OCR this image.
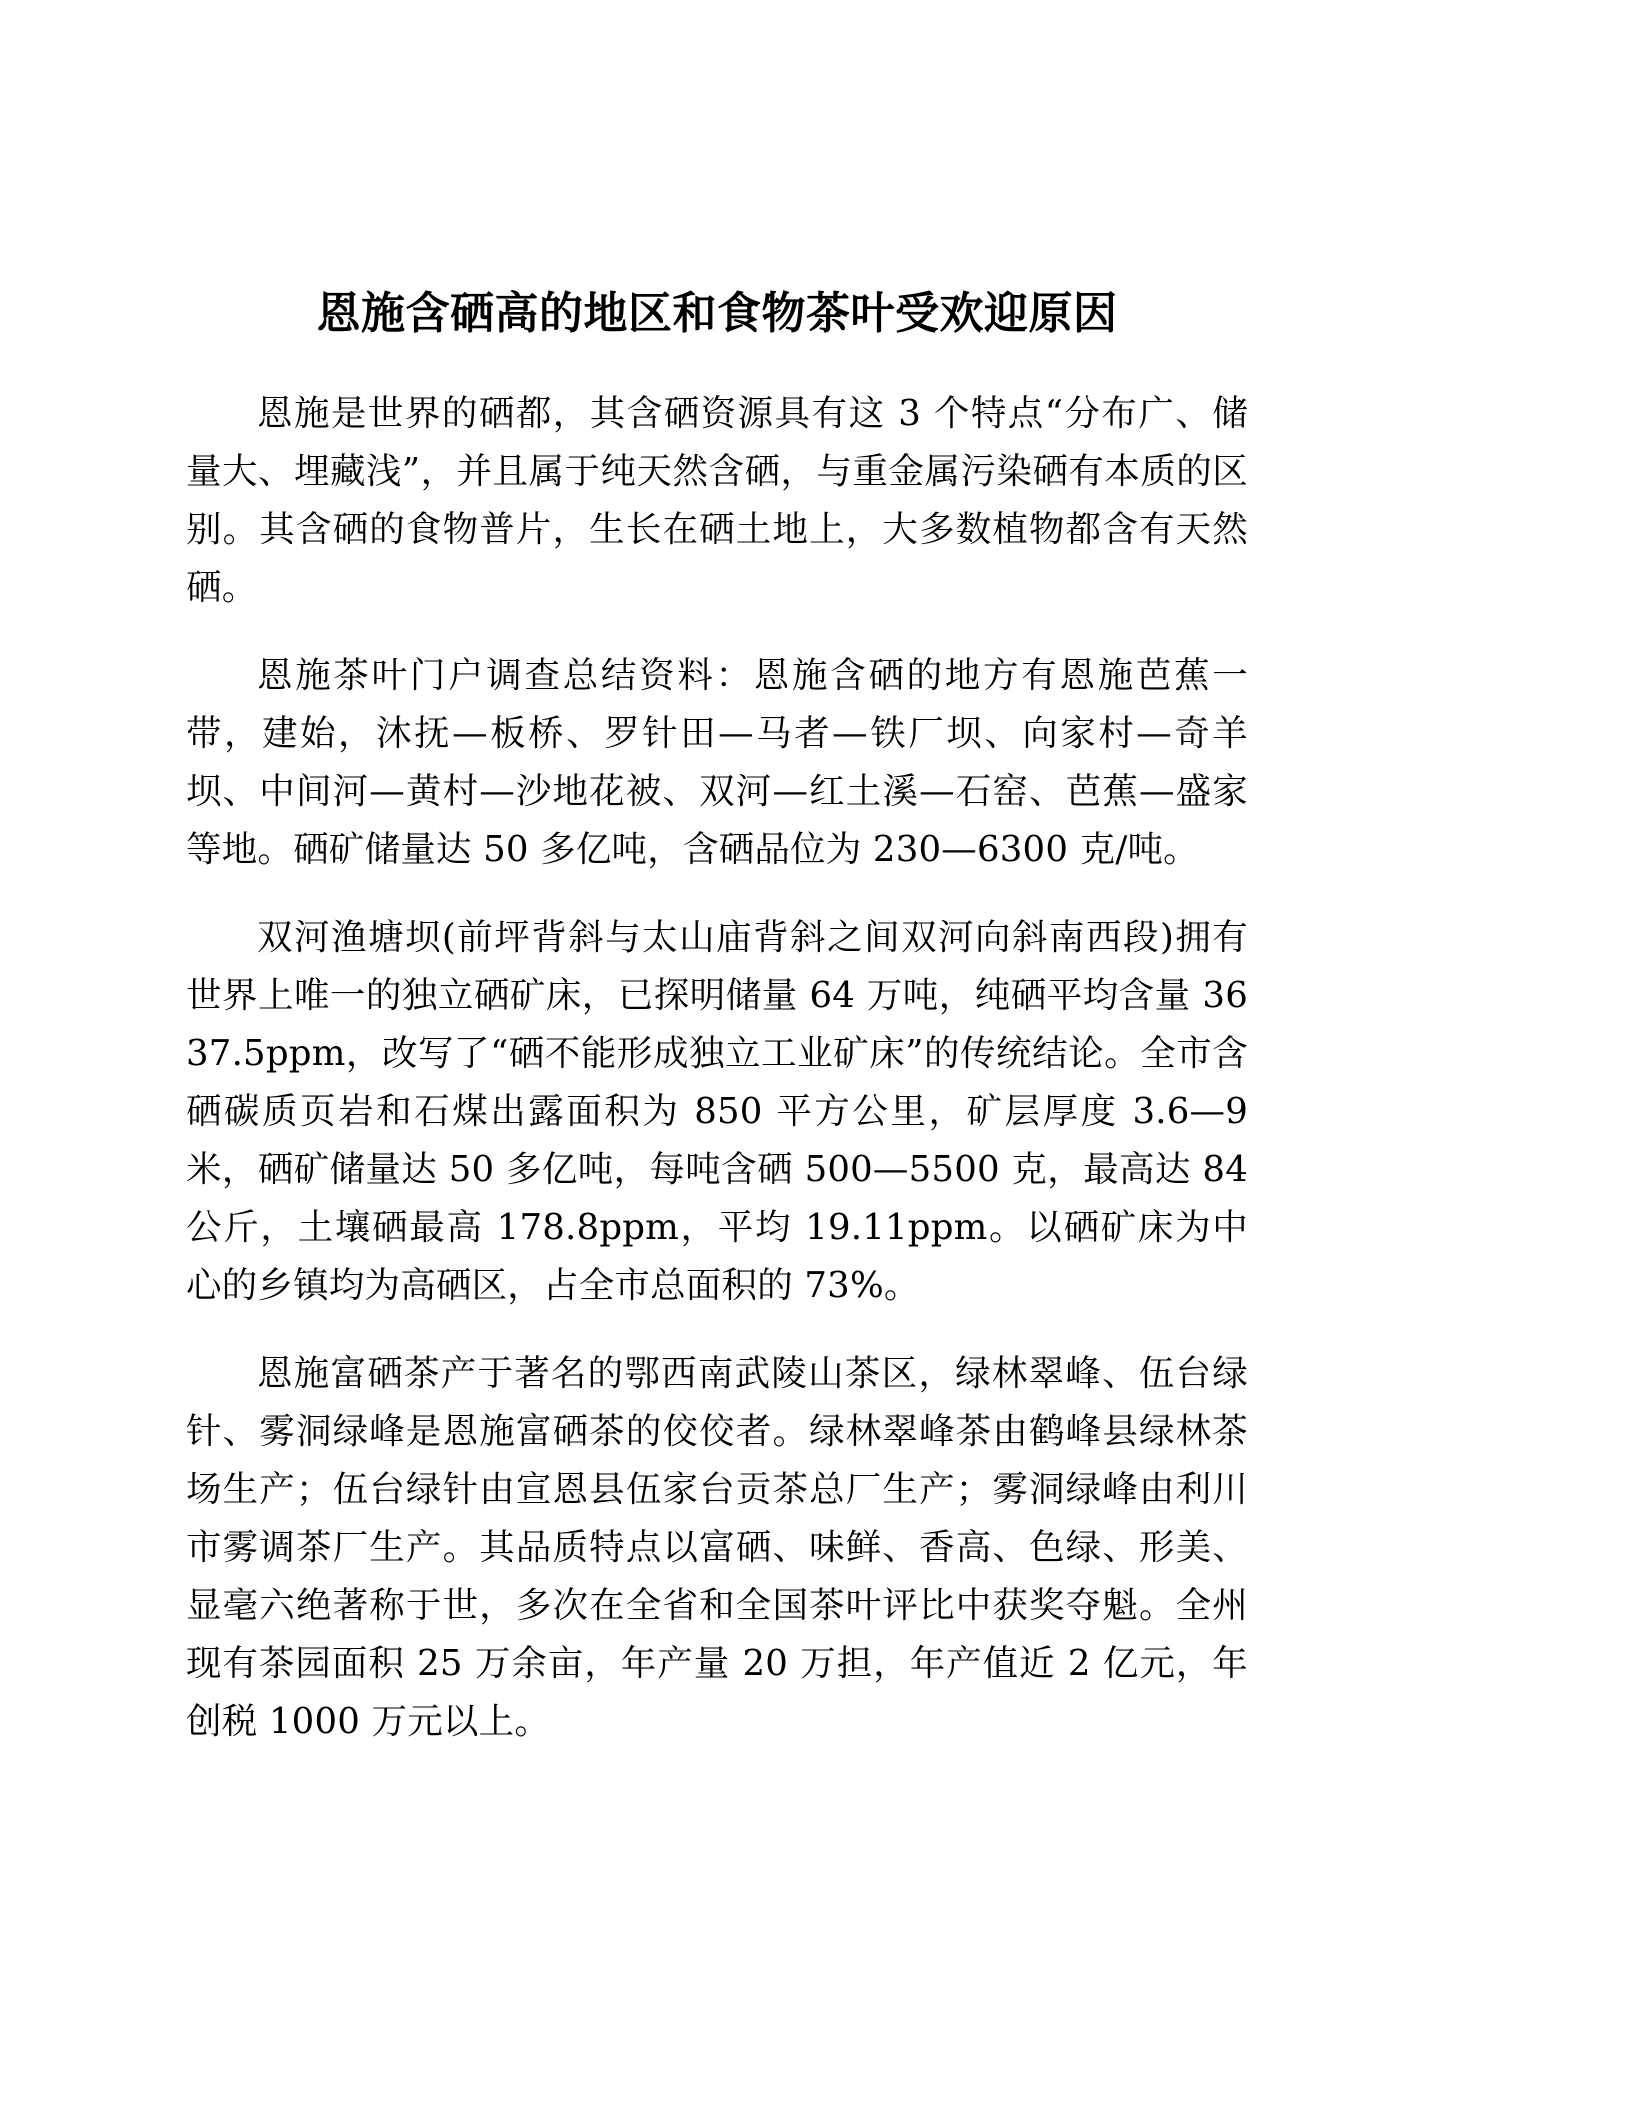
恩施含硒高的地区和食物茶叶受欢迎原因

恩施是世界的硒都，其含硒资源具有这 3 个特点“分布广、储量大、埋藏浅”，并且属于纯天然含硒，与重金属污染硒有本质的区别。其含硒的食物普片，生长在硒土地上，大多数植物都含有天然硒。

恩施茶叶门户调查总结资料：恩施含硒的地方有恩施芭蕉一带，建始，沐抚—板桥、罗针田—马者—铁厂坝、向家村—奇羊坝、中间河—黄村—沙地花被、双河—红土溪—石窑、芭蕉—盛家等地。硒矿储量达 50 多亿吨，含硒品位为 230—6300 克/吨。

双河渔塘坝(前坪背斜与太山庙背斜之间双河向斜南西段)拥有世界上唯一的独立硒矿床，已探明储量 64 万吨，纯硒平均含量 3637.5ppm，改写了“硒不能形成独立工业矿床”的传统结论。全市含硒碳质页岩和石煤出露面积为 850 平方公里，矿层厚度 3.6—9 米，硒矿储量达 50 多亿吨，每吨含硒 500—5500 克，最高达 84 公斤，土壤硒最高 178.8ppm，平均 19.11ppm。以硒矿床为中心的乡镇均为高硒区，占全市总面积的 73%。

恩施富硒茶产于著名的鄂西南武陵山茶区，绿林翠峰、伍台绿针、雾洞绿峰是恩施富硒茶的佼佼者。绿林翠峰茶由鹤峰县绿林茶场生产；伍台绿针由宣恩县伍家台贡茶总厂生产；雾洞绿峰由利川市雾调茶厂生产。其品质特点以富硒、味鲜、香高、色绿、形美、显毫六绝著称于世，多次在全省和全国茶叶评比中获奖夺魁。全州现有茶园面积 25 万余亩，年产量 20 万担，年产值近 2 亿元，年创税 1000 万元以上。
